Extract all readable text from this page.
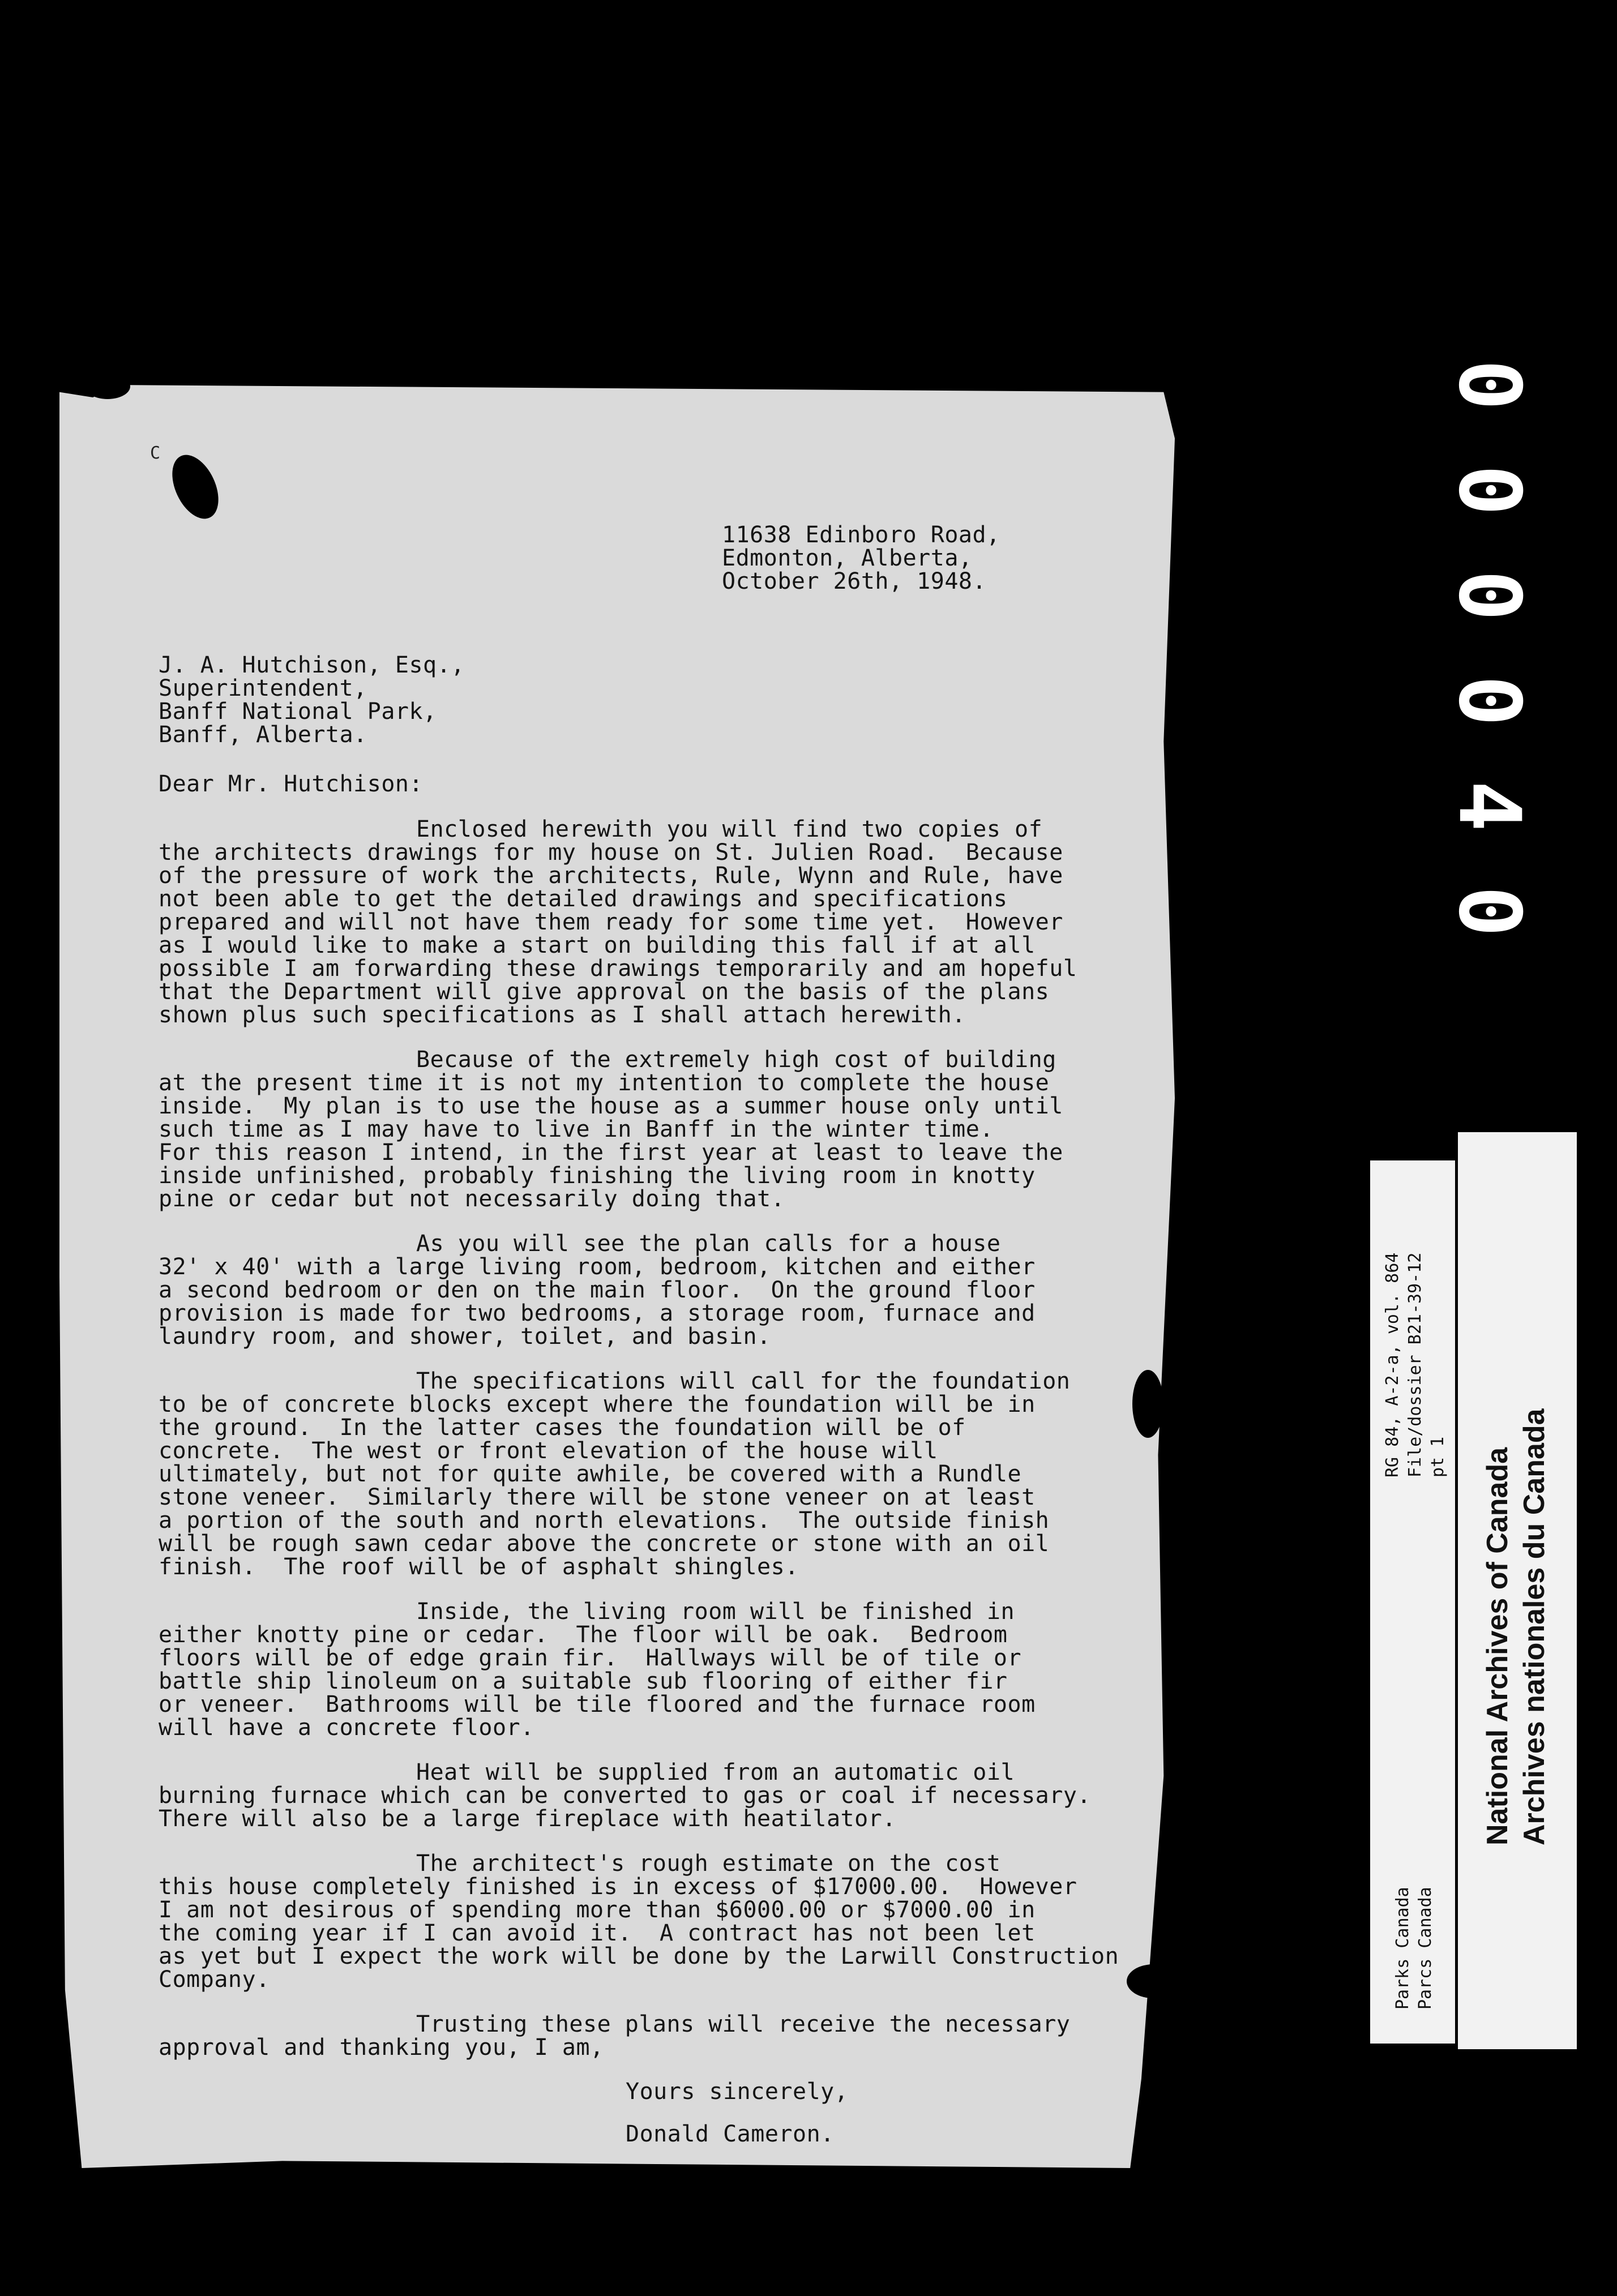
0
0
0
0
4
0
C
11638 Edinboro Road,
Edmonton, Alberta,
October 26th, 1948.
J. A. Hutchison, Esq.,
Superintendent,
Banff National Park,
Banff, Alberta.
Dear Mr. Hutchison:
Enclosed herewith you will find two copies of
the architects drawings for my house on St. Julien Road.  Because
of the pressure of work the architects, Rule, Wynn and Rule, have
not been able to get the detailed drawings and specifications
prepared and will not have them ready for some time yet.  However
as I would like to make a start on building this fall if at all
possible I am forwarding these drawings temporarily and am hopeful
that the Department will give approval on the basis of the plans
shown plus such specifications as I shall attach herewith.
Because of the extremely high cost of building
at the present time it is not my intention to complete the house
inside.  My plan is to use the house as a summer house only until
such time as I may have to live in Banff in the winter time.
For this reason I intend, in the first year at least to leave the
inside unfinished, probably finishing the living room in knotty
pine or cedar but not necessarily doing that.
As you will see the plan calls for a house
32' x 40' with a large living room, bedroom, kitchen and either
a second bedroom or den on the main floor.  On the ground floor
provision is made for two bedrooms, a storage room, furnace and
laundry room, and shower, toilet, and basin.
The specifications will call for the foundation
to be of concrete blocks except where the foundation will be in
the ground.  In the latter cases the foundation will be of
concrete.  The west or front elevation of the house will
ultimately, but not for quite awhile, be covered with a Rundle
stone veneer.  Similarly there will be stone veneer on at least
a portion of the south and north elevations.  The outside finish
will be rough sawn cedar above the concrete or stone with an oil
finish.  The roof will be of asphalt shingles.
Inside, the living room will be finished in
either knotty pine or cedar.  The floor will be oak.  Bedroom
floors will be of edge grain fir.  Hallways will be of tile or
battle ship linoleum on a suitable sub flooring of either fir
or veneer.  Bathrooms will be tile floored and the furnace room
will have a concrete floor.
Heat will be supplied from an automatic oil
burning furnace which can be converted to gas or coal if necessary.
There will also be a large fireplace with heatilator.
The architect's rough estimate on the cost
this house completely finished is in excess of $17000.00.  However
I am not desirous of spending more than $6000.00 or $7000.00 in
the coming year if I can avoid it.  A contract has not been let
as yet but I expect the work will be done by the Larwill Construction
Company.
Trusting these plans will receive the necessary
approval and thanking you, I am,
Yours sincerely,
Donald Cameron.
Parks Canada Parcs Canada
RG 84, A-2-a, vol. 864 File/dossier B21-39-12 pt 1 National Archives of Canada Archives nationales du Canada
